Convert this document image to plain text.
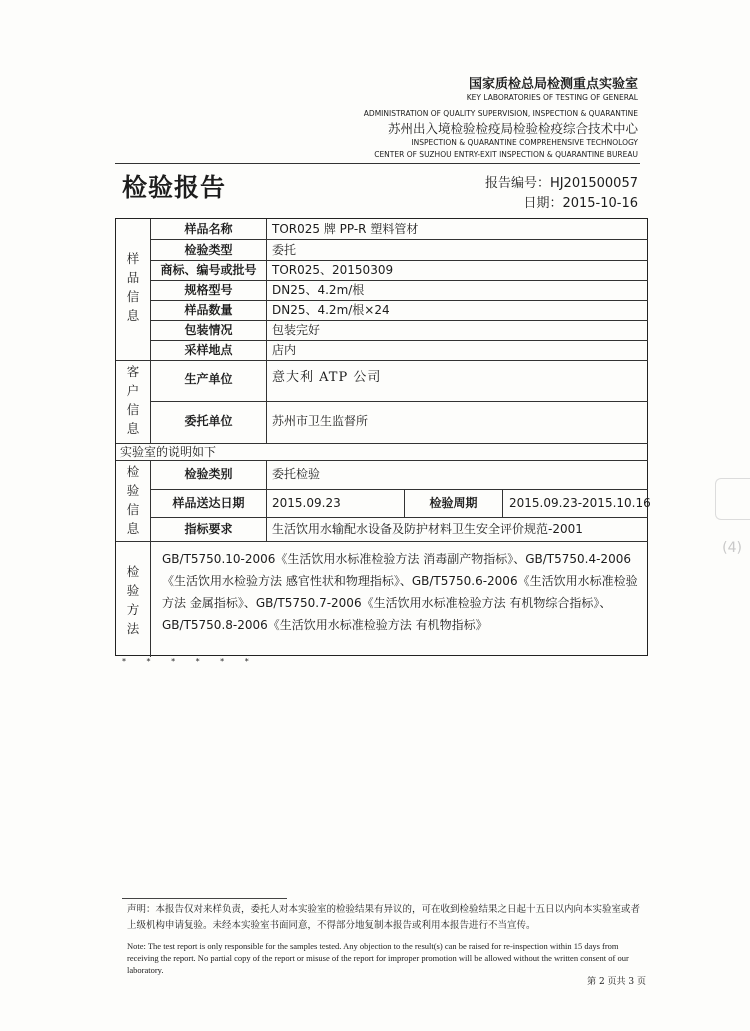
国家质检总局检测重点实验室
KEY LABORATORIES OF TESTING OF GENERAL
ADMINISTRATION OF QUALITY SUPERVISION, INSPECTION & QUARANTINE
苏州出入境检验检疫局检验检疫综合技术中心
INSPECTION & QUARANTINE COMPREHENSIVE TECHNOLOGY
CENTER OF SUZHOU ENTRY-EXIT INSPECTION & QUARANTINE BUREAU
检验报告	报告编号：HJ201500057
日期：2015-10-16
样品信息
客户信息
实验室的说明如下
检验信息
检验方法
样品名称	TOR025 牌 PP-R 塑料管材
检验类型	委托
商标、编号或批号	TOR025、20150309
规格型号	DN25、4.2m/根
样品数量	DN25、4.2m/根×24
包装情况	包装完好
采样地点	店内
生产单位	意大利 ATP 公司
委托单位	苏州市卫生监督所
检验类别	委托检验
样品送达日期	2015.09.23	检验周期	2015.09.23-2015.10.16
指标要求	生活饮用水输配水设备及防护材料卫生安全评价规范-2001
GB/T5750.10-2006《生活饮用水标准检验方法 消毒副产物指标》、GB/T5750.4-2006《生活饮用水检验方法 感官性状和物理指标》、GB/T5750.6-2006《生活饮用水标准检验方法 金属指标》、GB/T5750.7-2006《生活饮用水标准检验方法 有机物综合指标》、GB/T5750.8-2006《生活饮用水标准检验方法 有机物指标》
* * * * * *
声明：本报告仅对来样负责，委托人对本实验室的检验结果有异议的，可在收到检验结果之日起十五日以内向本实验室或者上级机构申请复验。未经本实验室书面同意，不得部分地复制本报告或利用本报告进行不当宣传。
Note: The test report is only responsible for the samples tested. Any objection to the result(s) can be raised for re-inspection within 15 days from receiving the report. No partial copy of the report or misuse of the report for improper promotion will be allowed without the written consent of our laboratory.
第 2 页共 3 页
(4)
